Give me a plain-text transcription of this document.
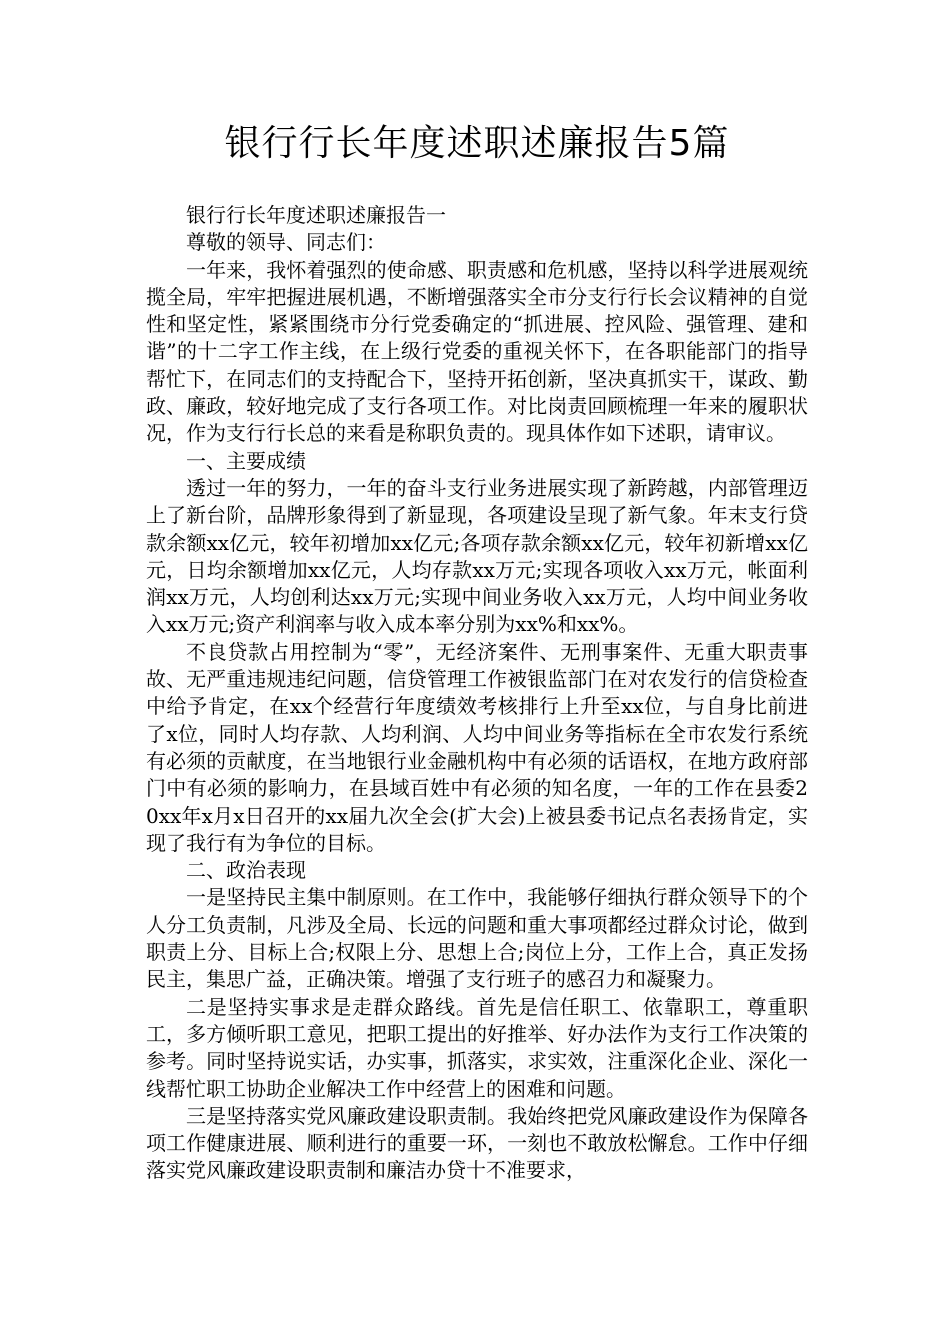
银行行长年度述职述廉报告5篇

银行行长年度述职述廉报告一

尊敬的领导、同志们：

一年来，我怀着强烈的使命感、职责感和危机感，坚持以科学进展观统揽全局，牢牢把握进展机遇，不断增强落实全市分支行行长会议精神的自觉性和坚定性，紧紧围绕市分行党委确定的“抓进展、控风险、强管理、建和谐”的十二字工作主线，在上级行党委的重视关怀下，在各职能部门的指导帮忙下，在同志们的支持配合下，坚持开拓创新，坚决真抓实干，谋政、勤政、廉政，较好地完成了支行各项工作。对比岗责回顾梳理一年来的履职状况，作为支行行长总的来看是称职负责的。现具体作如下述职，请审议。

一、主要成绩

透过一年的努力，一年的奋斗支行业务进展实现了新跨越，内部管理迈上了新台阶，品牌形象得到了新显现，各项建设呈现了新气象。年末支行贷款余额xx亿元，较年初增加xx亿元;各项存款余额xx亿元，较年初新增xx亿元，日均余额增加xx亿元，人均存款xx万元;实现各项收入xx万元，帐面利润xx万元，人均创利达xx万元;实现中间业务收入xx万元，人均中间业务收入xx万元;资产利润率与收入成本率分别为xx%和xx%。

不良贷款占用控制为“零”，无经济案件、无刑事案件、无重大职责事故、无严重违规违纪问题，信贷管理工作被银监部门在对农发行的信贷检查中给予肯定，在xx个经营行年度绩效考核排行上升至xx位，与自身比前进了x位，同时人均存款、人均利润、人均中间业务等指标在全市农发行系统有必须的贡献度，在当地银行业金融机构中有必须的话语权，在地方政府部门中有必须的影响力，在县域百姓中有必须的知名度，一年的工作在县委20xx年x月x日召开的xx届九次全会(扩大会)上被县委书记点名表扬肯定，实现了我行有为争位的目标。

二、政治表现

一是坚持民主集中制原则。在工作中，我能够仔细执行群众领导下的个人分工负责制，凡涉及全局、长远的问题和重大事项都经过群众讨论，做到职责上分、目标上合;权限上分、思想上合;岗位上分，工作上合，真正发扬民主，集思广益，正确决策。增强了支行班子的感召力和凝聚力。

二是坚持实事求是走群众路线。首先是信任职工、依靠职工，尊重职工，多方倾听职工意见，把职工提出的好推举、好办法作为支行工作决策的参考。同时坚持说实话，办实事，抓落实，求实效，注重深化企业、深化一线帮忙职工协助企业解决工作中经营上的困难和问题。

三是坚持落实党风廉政建设职责制。我始终把党风廉政建设作为保障各项工作健康进展、顺利进行的重要一环，一刻也不敢放松懈怠。工作中仔细落实党风廉政建设职责制和廉洁办贷十不准要求，
